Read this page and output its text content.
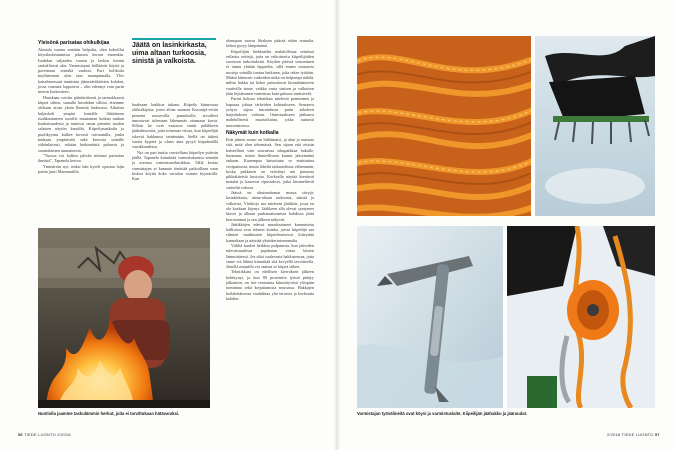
Yleisönä parisataa ohikulkijaa

Alastalo tuntuu sentään helpolta, olen kokeillut köysilaskeutumista jokusen kerran ennenkin. Istahdan valjaiden varaan ja lasken itseäni rauhallisesti alas. Varmistajani hölläävät köyttä ja poreistaan seinältä vauhtia. Puri kolikoita myöhemmin olen taas maanpinnalla. Ylös katsahtaessani tunnistan jäänevärähtävien kohdan, jossa voimani loppuivat – olin edennyt vain parin metrin korkeuteen.

Hauskaan voisiin päättäväisesti ja tarmokkaasti kiipeä siihen, samalla huvahdan silloin, ettemme olekaan aivan yksin Ihmisiä laaksossa. Aikuisia kuljeskeli ympäri kentälle lähtöineen ruuhkautuneen suorille muutaman hoikan rankan kaukaisuudesta ja tuntevat omaa pieneen tuoden salaisen näytön kentältä. Kiipeilymatkailu ja puolikyyntu kulkee kovasti raivaamilla, jonka mukaan ympäristöä sekä kerrosta seinälle vähänlaisesti, sekään hetkimäistä puhuvat ja suomalaisten tuumaisesta.

"Tuossa voi kulkea päivän mittaan parisataa ihmistä", Tapanela kertoo.

Ymmärrän nyt, miksi hän kyseli opastaa lajin pariin juuri Mammutilla.

Jäätä on lasinkirkasta, uima altaan turkoosia, sinistä ja valkoista.

haaksaan loukkoa takana. Kiipeily kiinnostaa ohikulkijoita, joten alvan suomen Koronijä-veitin pienenä nousevilla puruuksilla sivuilleet innostuvat tulemaan lähemmäs ottamaan kuvia. Silloin he ovat vaarassa saada pälähkeen jääkohtiseotta, jotta toinenan viivaa, kun kiipeilijät iskevät hakkunsa seinämään. Siellä on tärkeä varata kypärä ja olaan aina pysyä kiipeämöllä varokkuudessa.

Nyt on pari tuntia varotellaan kiipeilyn ystävän jäällä. Tapanela kiinnittää varmistuksensa seinään ja asentaa varmistustekniikkaa. Tällä kertaa varmistajan ei kannata tönöttää paikoillaan vaan kiskoa köyttä koko vartalon voimin kyynärillä. Kun

alaruipun saavut lihaksen päässä etään reunalta, kehoa pysyy lämpimänä.

Kiipeilijän hiekkatelin mahdollistaa seinässä erilaisia reittejä, joita on erikoistettu kiipeilijöiden suosioon tarkoituksiin. Köyden päässä seisominen ei tunnu yhtään lappeelta, sillä ennen seuraavia nostoja seinällä tuntuu hetkinen, joka tekee työtään. Määrä kiinnosti vaikeiden mikä on helpompi nähdä, mihin hakku tai kehot painottuvat kiinnittämiseen vaativille sinne, vaikka vasta sinisen ja valkoisen jään löytäminen varmistuu kuin puhuva tuntisivelä.

Parini hoksaa tekniikan mielestä pomminen ja kapasaa johtaa tärkeiden kohtaukseen. Seuraava yrityss sujuu mirutalussa parin askeleen harjoituksen valtoon. Onnistuakseen jäähaava mahdollisesti muotoiltuina, jotka auttavat nousemisessa.

Näkymät kuin kotkalla

Eräs jäinen nousu on hiiltämaisi, ja alan jo maistaa sitä, mitä olen tekemässä. Sen sijaan että etsisin katseellani vain seuraavaa iskupaikkaa hakulle, huomaan, miten ihmeelliseen kaunis jääseinämä onkaan. Kauempaa katsottuna se muistuttaa vesiputousta, mutta läheltä tarkasteltuna vähemmän, koska pakkasen on veistänyt sen pinnasta pikkukiteisiä kuvioita. Korkealla näytää kiertävät matalat ja kaarevat ripustukset, jotka kimmeltävät siniseltä valossa.

Jäässä on ohutmattomat monia sävyjä: lasinkirkasta, uima-altaan turkoosia, sinistä ja valkoista. Värikirjo tuo mieleeni jäätikön, jossa en ole koskaan käynyt. Jääkkeen alla olevat syntyneet hiuset ja alhaan purkamattomissa kohdissa jäätä kerrostumat ja sen jälkeen näkyvät.

Jäätikköjen edessä muodostuneet kannustetut kallioissa ovat tehneet kuinka, joissa kiipeilijä saa silmien vaaditusten kiipeilemisessä, kiiteyttää kannaltaan ja näyttää yksinkertaisemmalta.

Väliltä kuulen heikkoa pulputusta, kun jääveden tulevaisuudessa pajuhaiun virtaa käsien lämmittäessä. Jos siksi tuulevasta hakkuseuraa, jotta sinne voi lähteä kiinnittää sitä kevyellä tavoitteella. Jäisellä muurilla voi saattaa se kiipeä siihen.

Tekniikkani on edellisen kierroksen jälkeen kehittynyt, ja kun 80 prosenttia työstä päätyy jalkaimin, on itse rentoutua kiinnittyvästi ylöspäin toimintaa sekä ketjuttamista nousussa. Hakkujen heilahduksessa vauhdittaa yhä taivasta ja korkeutta kohden.

Nuotiolla jaamme taskulämmin herkut, joita ei tarvittukaan hätävaraksi.
56 TIEDE LUONTO 2/2016
Varmistajan työvälineitä ovat köysi ja varmistuslaite. Kiipeilijän jäähakku ja jääraudat.
2/2016 TIEDE LUONTO 57
